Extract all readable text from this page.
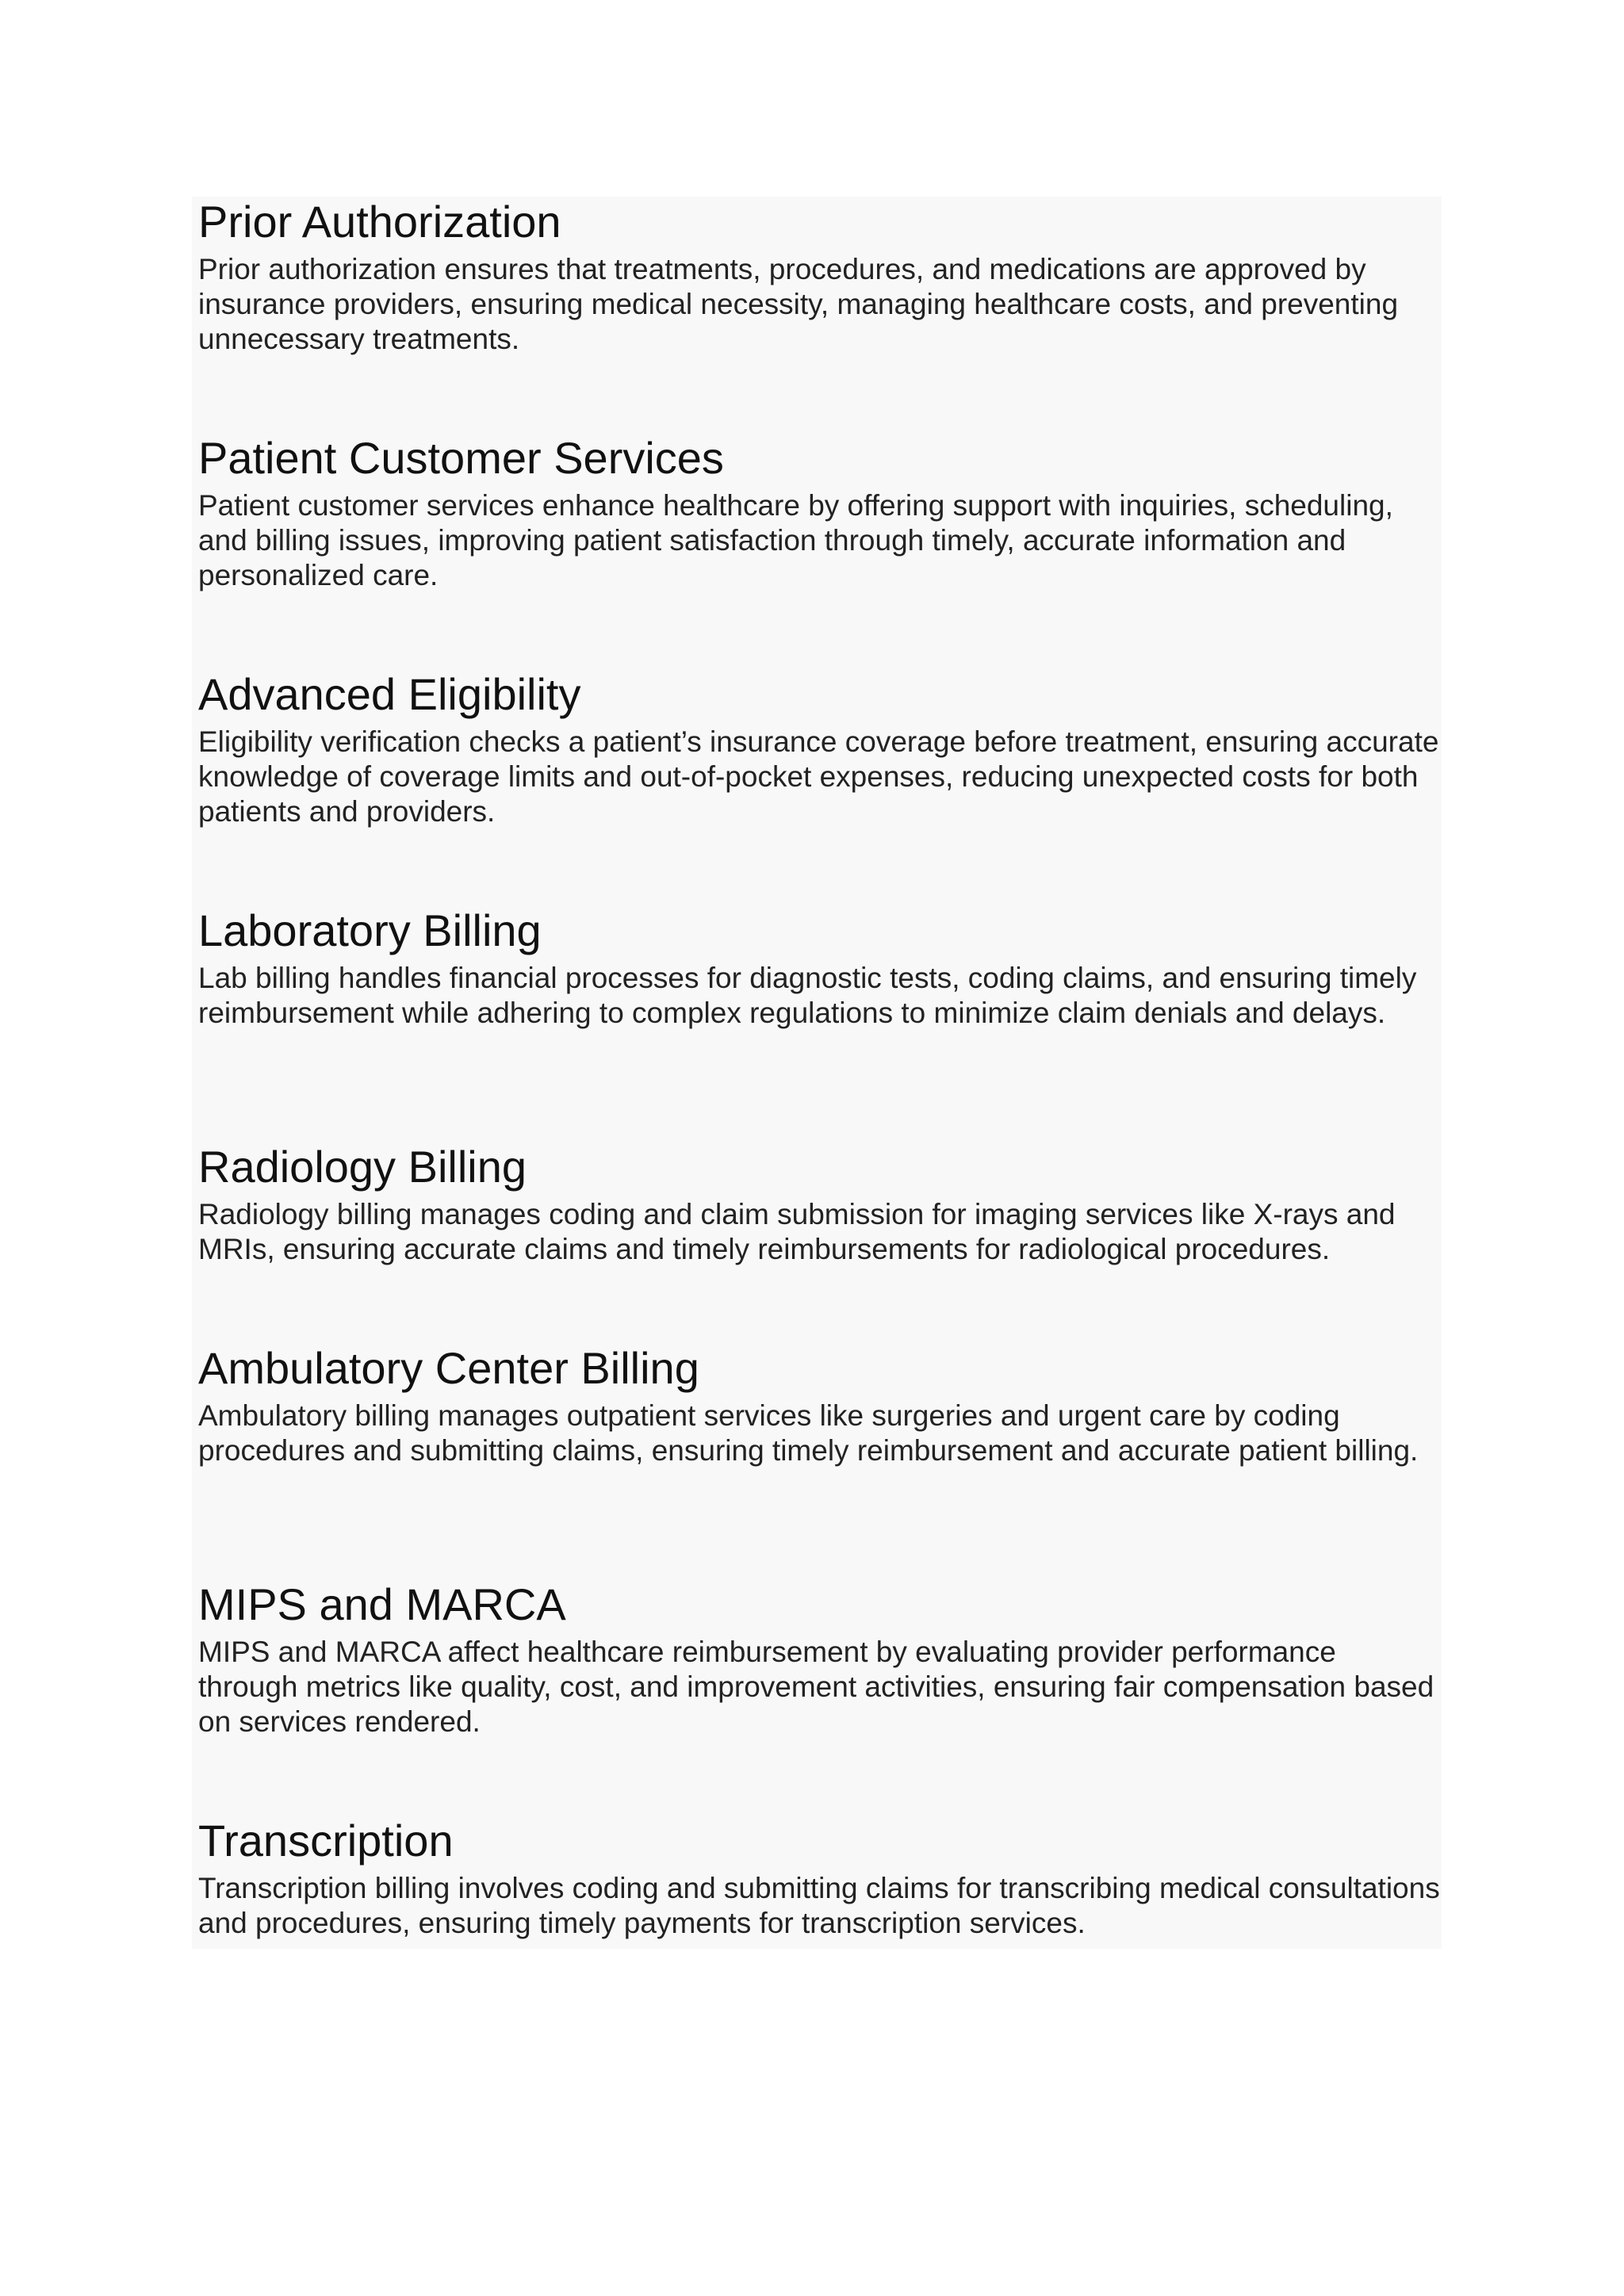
Prior Authorization

Prior authorization ensures that treatments, procedures, and medications are approved by insurance providers, ensuring medical necessity, managing healthcare costs, and preventing unnecessary treatments.

Patient Customer Services

Patient customer services enhance healthcare by offering support with inquiries, scheduling, and billing issues, improving patient satisfaction through timely, accurate information and personalized care.

Advanced Eligibility

Eligibility verification checks a patient’s insurance coverage before treatment, ensuring accurate knowledge of coverage limits and out-of-pocket expenses, reducing unexpected costs for both patients and providers.

Laboratory Billing

Lab billing handles financial processes for diagnostic tests, coding claims, and ensuring timely reimbursement while adhering to complex regulations to minimize claim denials and delays.

Radiology Billing

Radiology billing manages coding and claim submission for imaging services like X-rays and MRIs, ensuring accurate claims and timely reimbursements for radiological procedures.

Ambulatory Center Billing

Ambulatory billing manages outpatient services like surgeries and urgent care by coding procedures and submitting claims, ensuring timely reimbursement and accurate patient billing.

MIPS and MARCA

MIPS and MARCA affect healthcare reimbursement by evaluating provider performance through metrics like quality, cost, and improvement activities, ensuring fair compensation based on services rendered.

Transcription

Transcription billing involves coding and submitting claims for transcribing medical consultations and procedures, ensuring timely payments for transcription services.
